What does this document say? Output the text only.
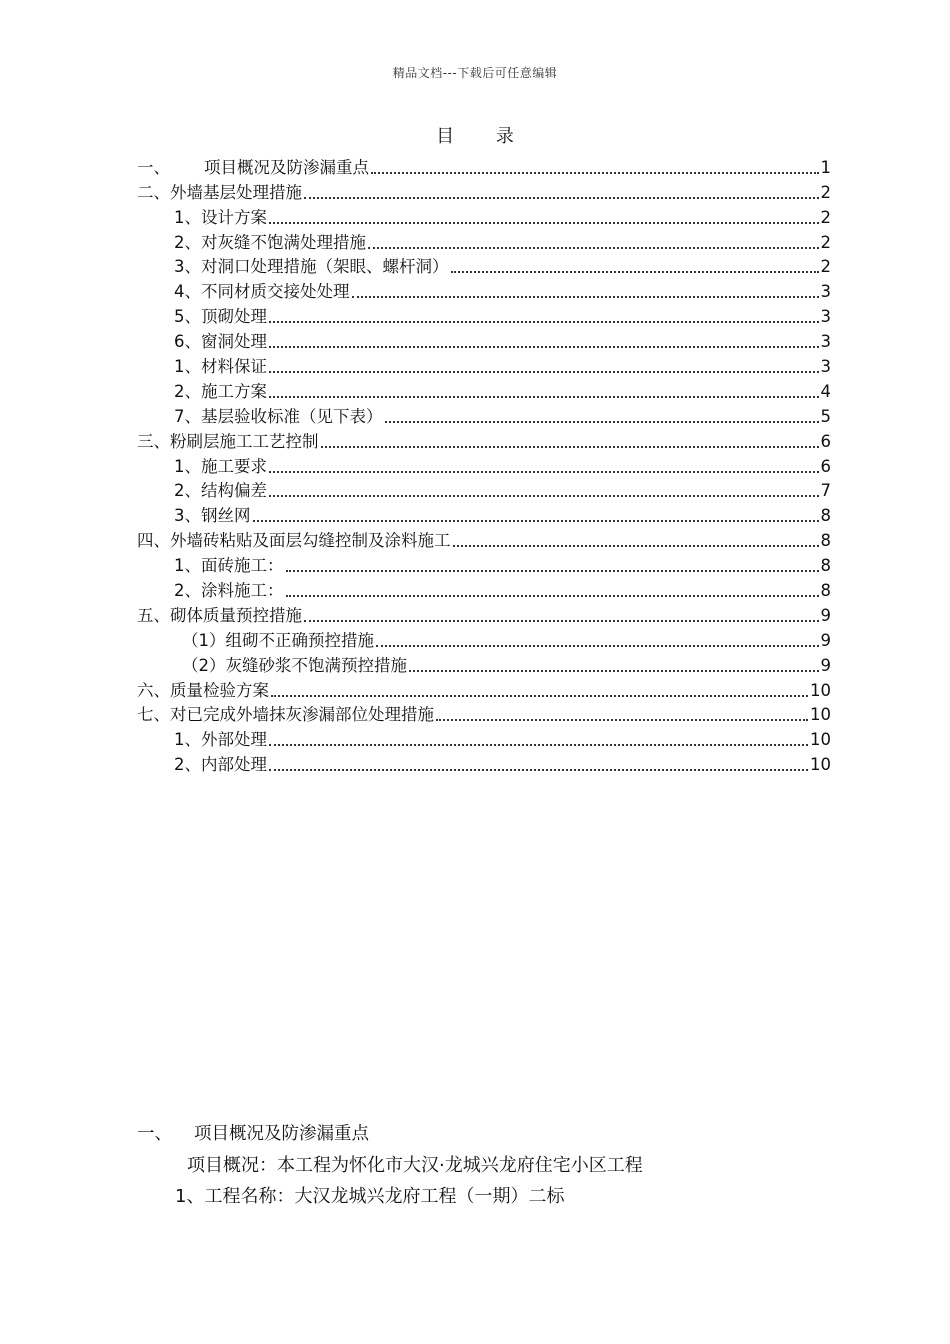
精品文档---下载后可任意编辑
目 录
一、 项目概况及防渗漏重点	1
二、外墙基层处理措施	2
1、设计方案	2
2、对灰缝不饱满处理措施	2
3、对洞口处理措施（架眼、螺杆洞）	2
4、不同材质交接处处理	3
5、顶砌处理	3
6、窗洞处理	3
1、材料保证	3
2、施工方案	4
7、基层验收标准（见下表）	5
三、粉刷层施工工艺控制	6
1、施工要求	6
2、结构偏差	7
3、钢丝网	8
四、外墙砖粘贴及面层勾缝控制及涂料施工	8
1、面砖施工：	8
2、涂料施工：	8
五、砌体质量预控措施	9
（1）组砌不正确预控措施	9
（2）灰缝砂浆不饱满预控措施	9
六、质量检验方案	10
七、对已完成外墙抹灰渗漏部位处理措施	10
1、外部处理	10
2、内部处理	10
一、 项目概况及防渗漏重点
项目概况：本工程为怀化市大汉·龙城兴龙府住宅小区工程
1、工程名称：大汉龙城兴龙府工程（一期）二标
